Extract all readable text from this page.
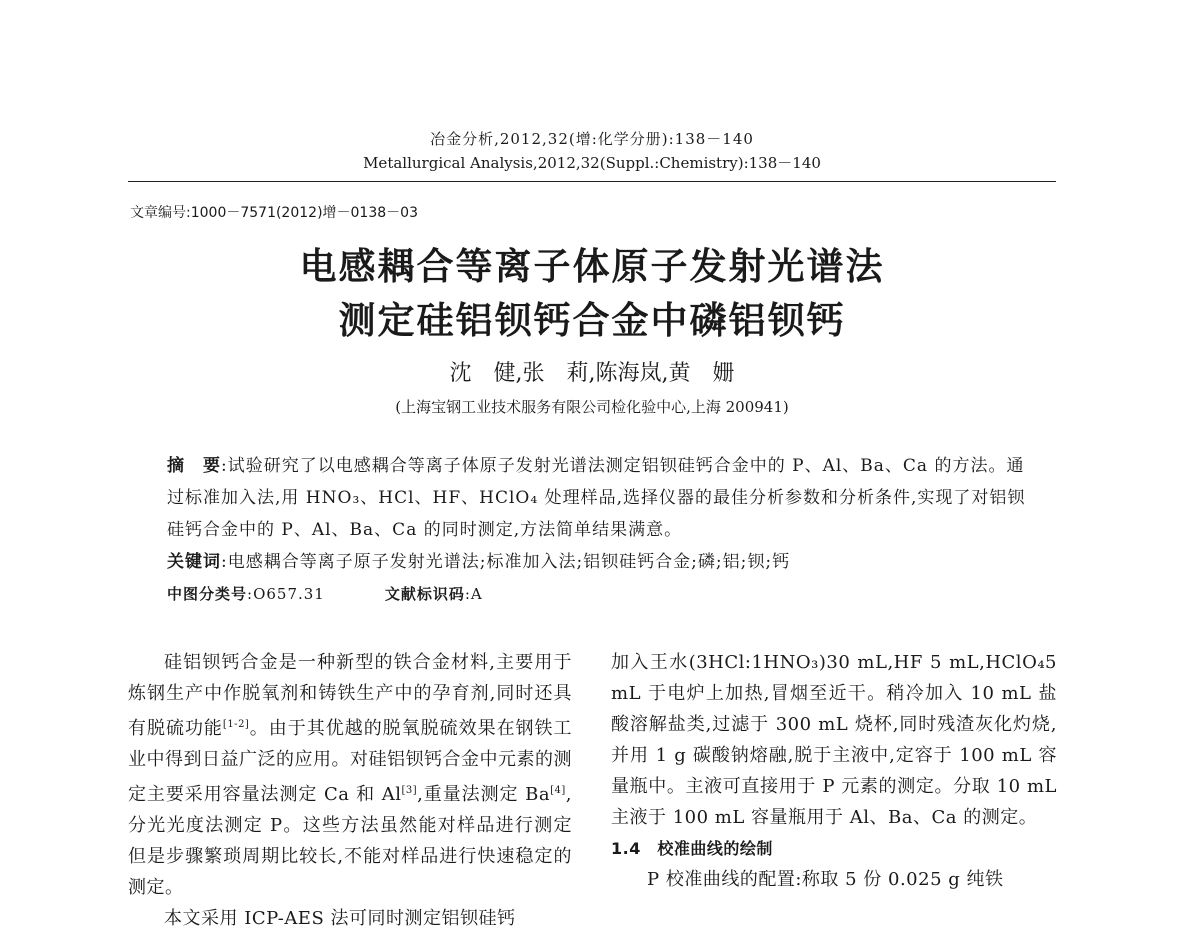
冶金分析,2012,32(增:化学分册):138－140
Metallurgical Analysis,2012,32(Suppl.:Chemistry):138－140
文章编号:1000－7571(2012)增－0138－03
电感耦合等离子体原子发射光谱法
测定硅铝钡钙合金中磷铝钡钙
沈　健,张　莉,陈海岚,黄　姗
(上海宝钢工业技术服务有限公司检化验中心,上海 200941)
摘　要:试验研究了以电感耦合等离子体原子发射光谱法测定铝钡硅钙合金中的 P、Al、Ba、Ca 的方法。通过标准加入法,用 HNO₃、HCl、HF、HClO₄ 处理样品,选择仪器的最佳分析参数和分析条件,实现了对铝钡硅钙合金中的 P、Al、Ba、Ca 的同时测定,方法简单结果满意。
关键词:电感耦合等离子原子发射光谱法;标准加入法;铝钡硅钙合金;磷;铝;钡;钙
中图分类号:O657.31	文献标识码:A

硅铝钡钙合金是一种新型的铁合金材料,主要用于炼钢生产中作脱氧剂和铸铁生产中的孕育剂,同时还具有脱硫功能[1-2]。由于其优越的脱氧脱硫效果在钢铁工业中得到日益广泛的应用。对硅铝钡钙合金中元素的测定主要采用容量法测定 Ca 和 Al[3],重量法测定 Ba[4],分光光度法测定 P。这些方法虽然能对样品进行测定但是步骤繁琐周期比较长,不能对样品进行快速稳定的测定。

本文采用 ICP-AES 法可同时测定铝钡硅钙

加入王水(3HCl:1HNO₃)30 mL,HF 5 mL,HClO₄5 mL 于电炉上加热,冒烟至近干。稍冷加入 10 mL 盐酸溶解盐类,过滤于 300 mL 烧杯,同时残渣灰化灼烧,并用 1 g 碳酸钠熔融,脱于主液中,定容于 100 mL 容量瓶中。主液可直接用于 P 元素的测定。分取 10 mL 主液于 100 mL 容量瓶用于 Al、Ba、Ca 的测定。

1.4　校准曲线的绘制

P 校准曲线的配置:称取 5 份 0.025 g 纯铁
